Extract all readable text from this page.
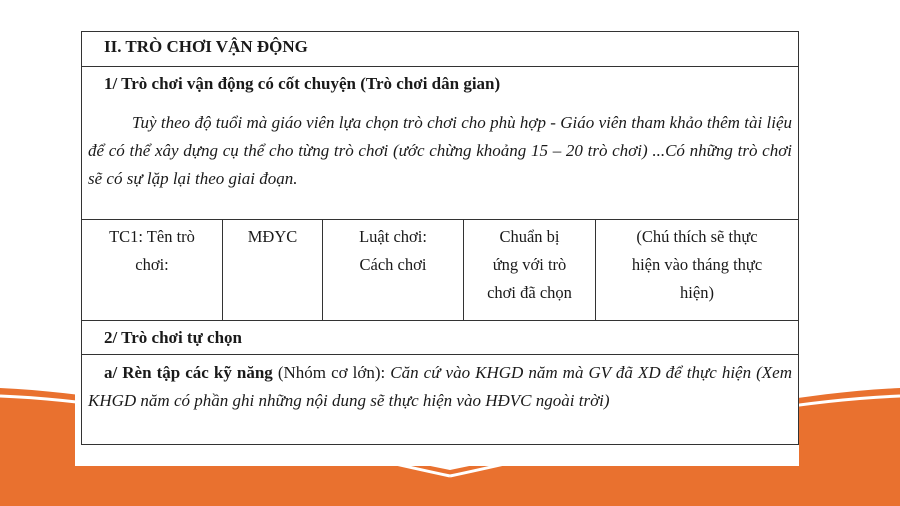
II. TRÒ CHƠI VẬN ĐỘNG
1/ Trò chơi vận động có cốt chuyện (Trò chơi dân gian)
Tuỳ theo độ tuổi mà giáo viên lựa chọn trò chơi cho phù hợp - Giáo viên tham khảo thêm tài liệu để có thể xây dựng cụ thể cho từng trò chơi (ước chừng khoảng 15 – 20 trò chơi) ...Có những trò chơi sẽ có sự lặp lại theo giai đoạn.
TC1: Tên trò
chơi:
MĐYC	Luật chơi:
Cách chơi
Chuẩn bị
ứng với trò
chơi đã chọn
(Chú thích sẽ thực
hiện vào tháng thực
hiện)
2/ Trò chơi tự chọn
a/ Rèn tập các kỹ năng (Nhóm cơ lớn): Căn cứ vào KHGD năm mà GV đã XD để thực hiện (Xem KHGD năm có phần ghi những nội dung sẽ thực hiện vào HĐVC ngoài trời)
